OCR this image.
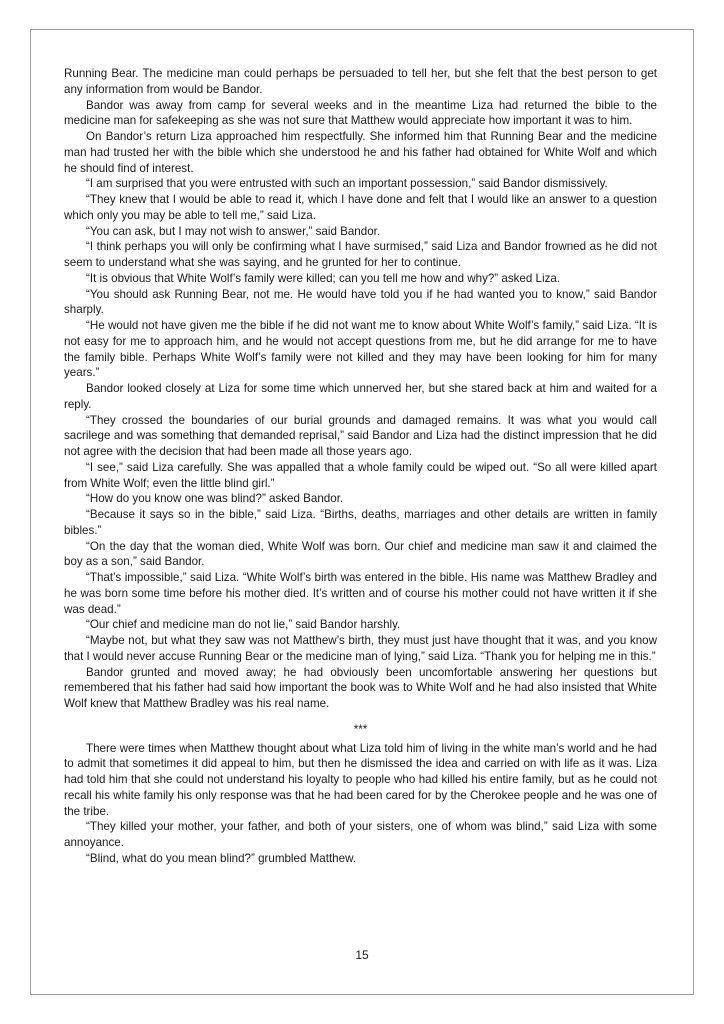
Running Bear. The medicine man could perhaps be persuaded to tell her, but she felt that the best person to get any information from would be Bandor.

Bandor was away from camp for several weeks and in the meantime Liza had returned the bible to the medicine man for safekeeping as she was not sure that Matthew would appreciate how important it was to him.

On Bandor’s return Liza approached him respectfully. She informed him that Running Bear and the medicine man had trusted her with the bible which she understood he and his father had obtained for White Wolf and which he should find of interest.

“I am surprised that you were entrusted with such an important possession,” said Bandor dismissively.

“They knew that I would be able to read it, which I have done and felt that I would like an answer to a question which only you may be able to tell me,” said Liza.

“You can ask, but I may not wish to answer,” said Bandor.

“I think perhaps you will only be confirming what I have surmised,” said Liza and Bandor frowned as he did not seem to understand what she was saying, and he grunted for her to continue.

“It is obvious that White Wolf’s family were killed; can you tell me how and why?” asked Liza.

“You should ask Running Bear, not me. He would have told you if he had wanted you to know,” said Bandor sharply.

“He would not have given me the bible if he did not want me to know about White Wolf’s family,” said Liza. “It is not easy for me to approach him, and he would not accept questions from me, but he did arrange for me to have the family bible. Perhaps White Wolf’s family were not killed and they may have been looking for him for many years.”

Bandor looked closely at Liza for some time which unnerved her, but she stared back at him and waited for a reply.

“They crossed the boundaries of our burial grounds and damaged remains. It was what you would call sacrilege and was something that demanded reprisal,” said Bandor and Liza had the distinct impression that he did not agree with the decision that had been made all those years ago.

“I see,” said Liza carefully. She was appalled that a whole family could be wiped out. “So all were killed apart from White Wolf; even the little blind girl.”

“How do you know one was blind?” asked Bandor.

“Because it says so in the bible,” said Liza. “Births, deaths, marriages and other details are written in family bibles.”

“On the day that the woman died, White Wolf was born. Our chief and medicine man saw it and claimed the boy as a son,” said Bandor.

“That’s impossible,” said Liza. “White Wolf’s birth was entered in the bible. His name was Matthew Bradley and he was born some time before his mother died. It’s written and of course his mother could not have written it if she was dead.”

“Our chief and medicine man do not lie,” said Bandor harshly.

“Maybe not, but what they saw was not Matthew’s birth, they must just have thought that it was, and you know that I would never accuse Running Bear or the medicine man of lying,” said Liza. “Thank you for helping me in this.”

Bandor grunted and moved away; he had obviously been uncomfortable answering her questions but remembered that his father had said how important the book was to White Wolf and he had also insisted that White Wolf knew that Matthew Bradley was his real name.

***

There were times when Matthew thought about what Liza told him of living in the white man’s world and he had to admit that sometimes it did appeal to him, but then he dismissed the idea and carried on with life as it was. Liza had told him that she could not understand his loyalty to people who had killed his entire family, but as he could not recall his white family his only response was that he had been cared for by the Cherokee people and he was one of the tribe.

“They killed your mother, your father, and both of your sisters, one of whom was blind,” said Liza with some annoyance.

“Blind, what do you mean blind?” grumbled Matthew.

15
